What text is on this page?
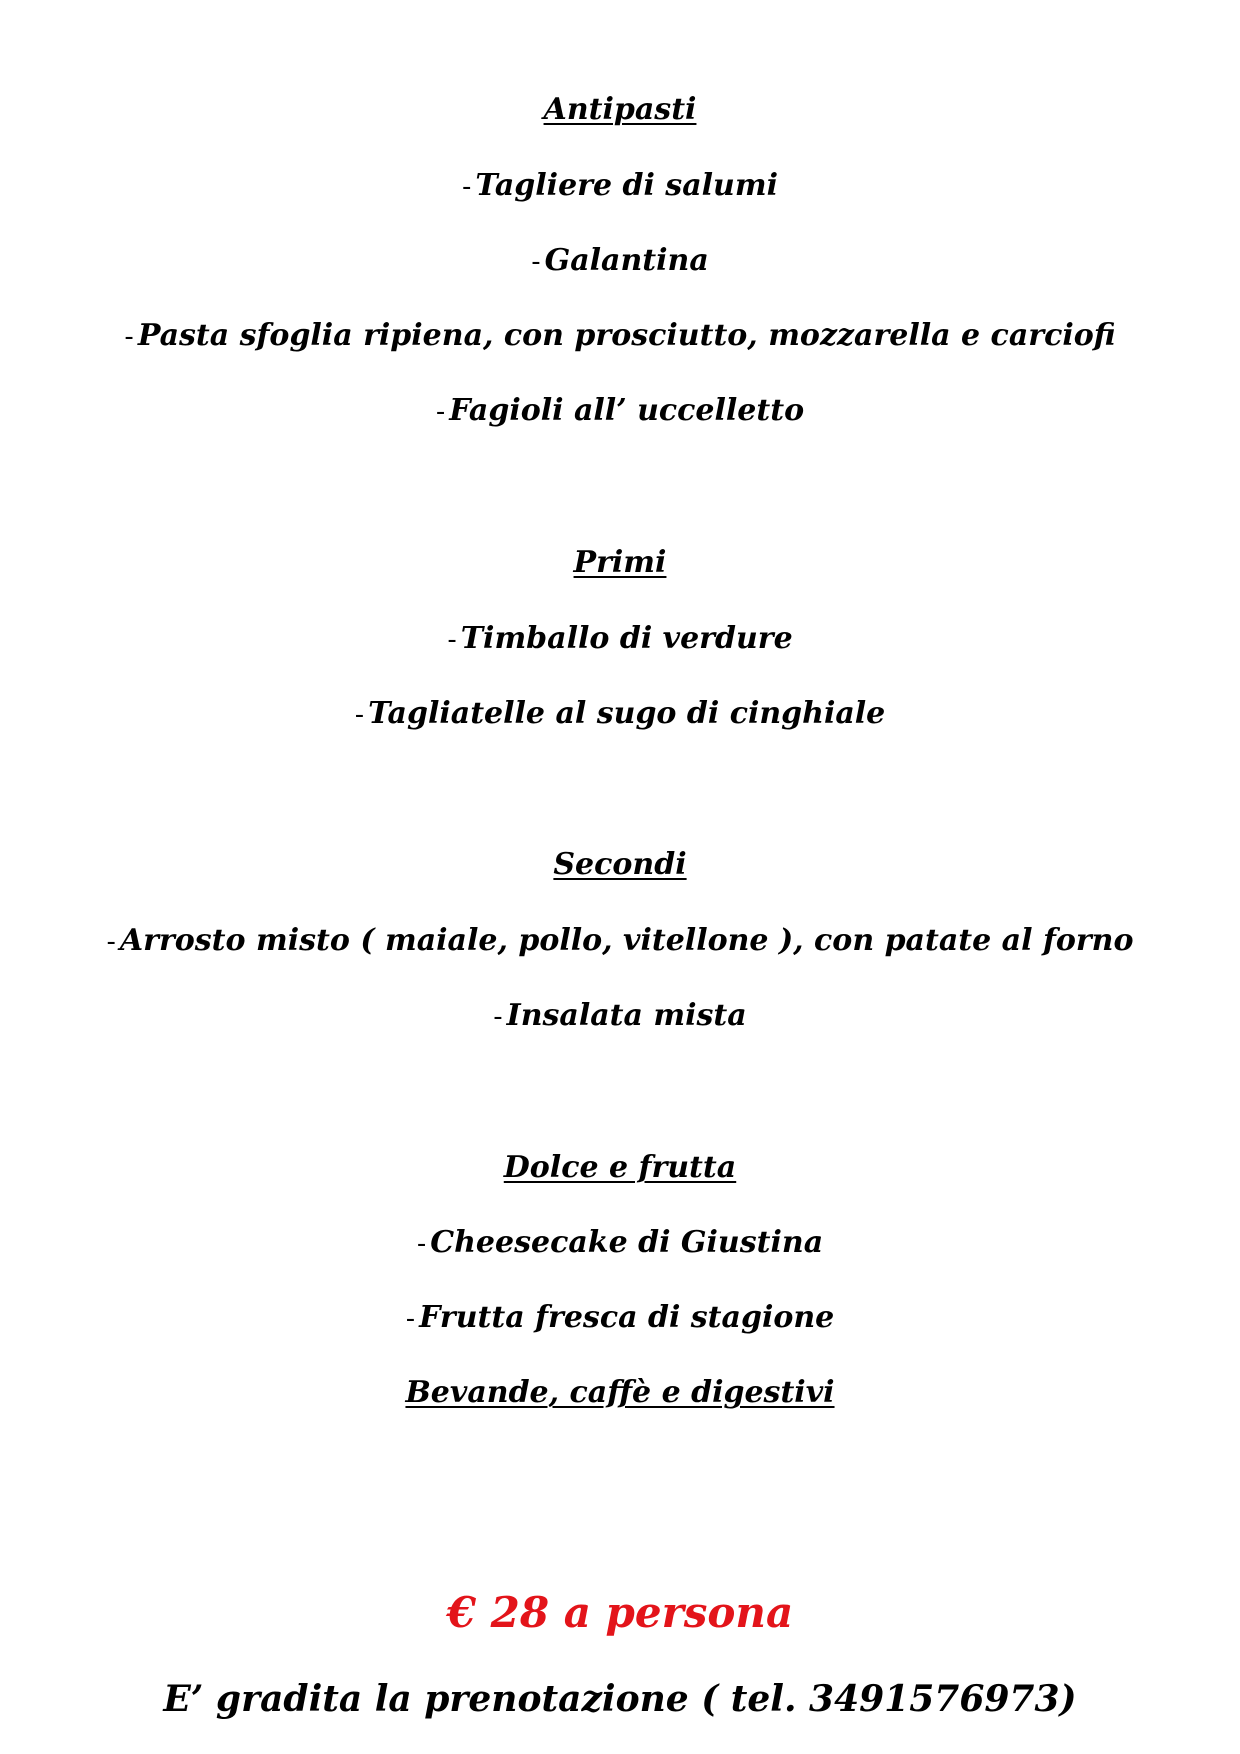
Antipasti
- Tagliere di salumi
- Galantina
- Pasta sfoglia ripiena, con prosciutto, mozzarella e carciofi
- Fagioli all’ uccelletto
Primi
- Timballo di verdure
- Tagliatelle al sugo di cinghiale
Secondi
- Arrosto misto ( maiale, pollo, vitellone ), con patate al forno
- Insalata mista
Dolce e frutta
- Cheesecake di Giustina
- Frutta fresca di stagione
Bevande, caffè e digestivi
€ 28 a persona
E’ gradita la prenotazione ( tel. 3491576973)
